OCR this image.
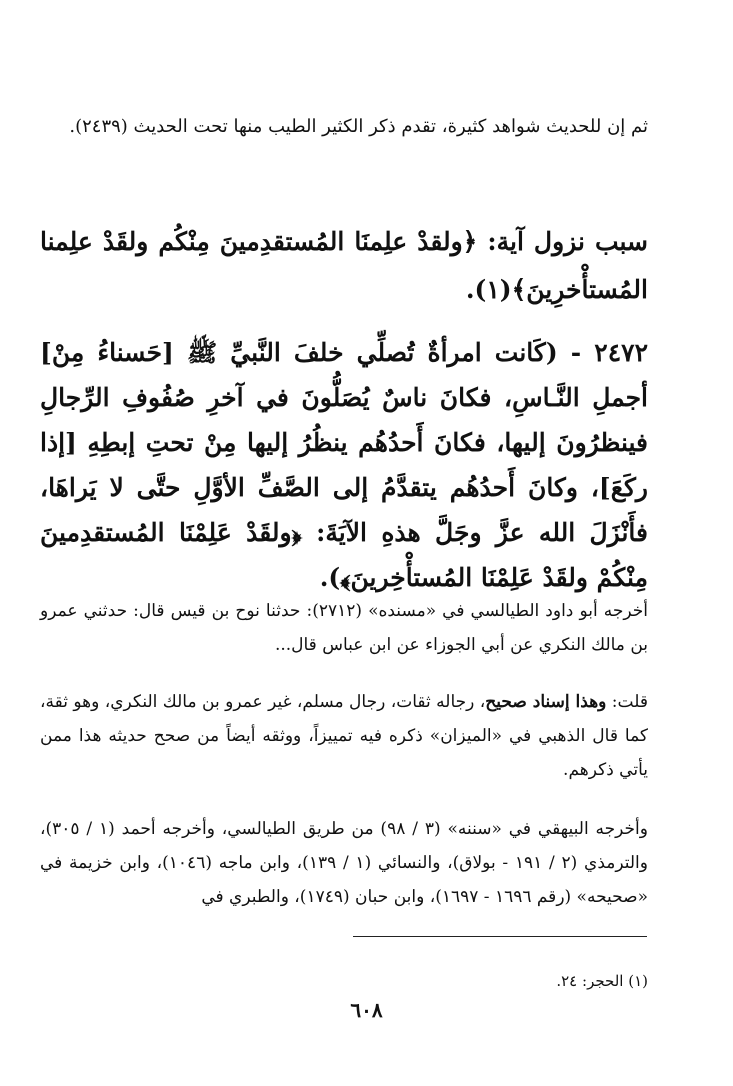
ثم إن للحديث شواهد كثيرة، تقدم ذكر الكثير الطيب منها تحت الحديث (٢٤٣٩).

سبب نزول آية: ﴿ولقدْ علِمنَا المُستقدِمينَ مِنْكُم ولقَدْ علِمنا المُستأْخرِينَ﴾(١).

٢٤٧٢ - (كَانت امرأةٌ تُصلِّي خلفَ النَّبيِّ ﷺ [حَسناءُ مِنْ] أجملِ النَّـاسِ، فكانَ ناسٌ يُصَلُّونَ في آخرِ صُفُوفِ الرِّجالِ فينظرُونَ إليها، فكانَ أَحدُهُم ينظُرُ إليها مِنْ تحتِ إبطِهِ [إذا ركَعَ]، وكانَ أَحدُهُم يتقدَّمُ إلى الصَّفِّ الأوَّلِ حتَّى لا يَراهَا، فأَنْزَلَ الله عزَّ وجَلَّ هذهِ الآيَةَ: ﴿ولقَدْ عَلِمْنَا المُستقدِمينَ مِنْكُمْ ولقَدْ عَلِمْنَا المُستأْخِرينَ﴾).

أخرجه أبو داود الطيالسي في «مسنده» (٢٧١٢): حدثنا نوح بن قيس قال: حدثني عمرو بن مالك النكري عن أبي الجوزاء عن ابن عباس قال...

قلت: وهذا إسناد صحيح، رجاله ثقات، رجال مسلم، غير عمرو بن مالك النكري، وهو ثقة، كما قال الذهبي في «الميزان» ذكره فيه تمييزاً، ووثقه أيضاً من صحح حديثه هذا ممن يأتي ذكرهم.

وأخرجه البيهقي في «سننه» (٣ / ٩٨) من طريق الطيالسي، وأخرجه أحمد (١ / ٣٠٥)، والترمذي (٢ / ١٩١ - بولاق)، والنسائي (١ / ١٣٩)، وابن ماجه (١٠٤٦)، وابن خزيمة في «صحيحه» (رقم ١٦٩٦ - ١٦٩٧)، وابن حبان (١٧٤٩)، والطبري في

(١) الحجر: ٢٤.

٦٠٨
